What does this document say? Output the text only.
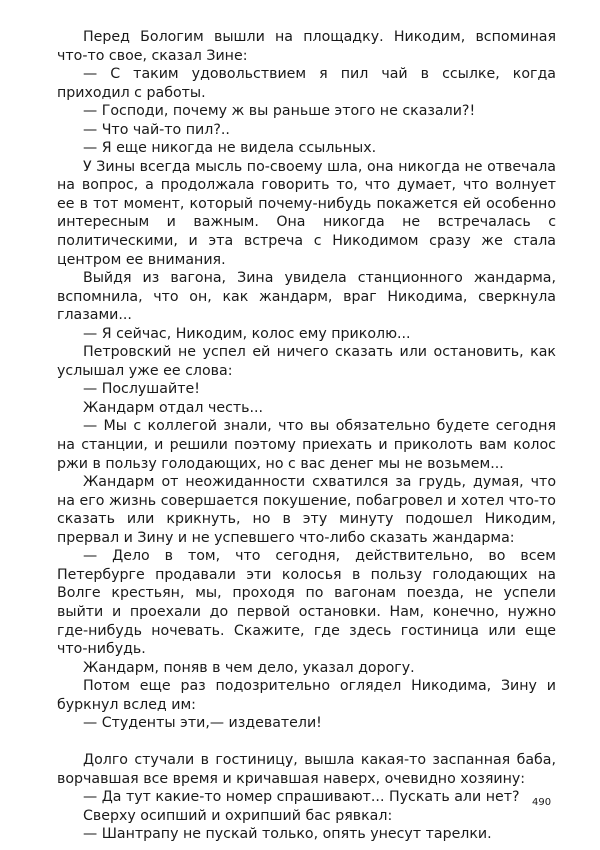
Перед Бологим вышли на площадку. Никодим, вспоминая что-то свое, сказал Зине:

— С таким удовольствием я пил чай в ссылке, когда приходил с работы.

— Господи, почему ж вы раньше этого не сказали?!

— Что чай-то пил?..

— Я еще никогда не видела ссыльных.

У Зины всегда мысль по-своему шла, она никогда не отвечала на вопрос, а продолжала говорить то, что думает, что волнует ее в тот момент, который почему-нибудь покажется ей особенно интересным и важным. Она никогда не встречалась с политическими, и эта встреча с Никодимом сразу же стала центром ее внимания.

Выйдя из вагона, Зина увидела станционного жандарма, вспомнила, что он, как жандарм, враг Никодима, сверкнула глазами...

— Я сейчас, Никодим, колос ему приколю...

Петровский не успел ей ничего сказать или остановить, как услышал уже ее слова:

— Послушайте!

Жандарм отдал честь...

— Мы с коллегой знали, что вы обязательно будете сегодня на станции, и решили поэтому приехать и приколоть вам колос ржи в пользу голодающих, но с вас денег мы не возьмем...

Жандарм от неожиданности схватился за грудь, думая, что на его жизнь совершается покушение, побагровел и хотел что-то сказать или крикнуть, но в эту минуту подошел Никодим, прервал и Зину и не успевшего что-либо сказать жандарма:

— Дело в том, что сегодня, действительно, во всем Петербурге продавали эти колосья в пользу голодающих на Волге крестьян, мы, проходя по вагонам поезда, не успели выйти и проехали до первой остановки. Нам, конечно, нужно где-нибудь ночевать. Скажите, где здесь гостиница или еще что-нибудь.

Жандарм, поняв в чем дело, указал дорогу.

Потом еще раз подозрительно оглядел Никодима, Зину и буркнул вслед им:

— Студенты эти,— издеватели!

Долго стучали в гостиницу, вышла какая-то заспанная баба, ворчавшая все время и кричавшая наверх, очевидно хозяину:

— Да тут какие-то номер спрашивают... Пускать али нет?

Сверху осипший и охрипший бас рявкал:

— Шантрапу не пускай только, опять унесут тарелки.

490
